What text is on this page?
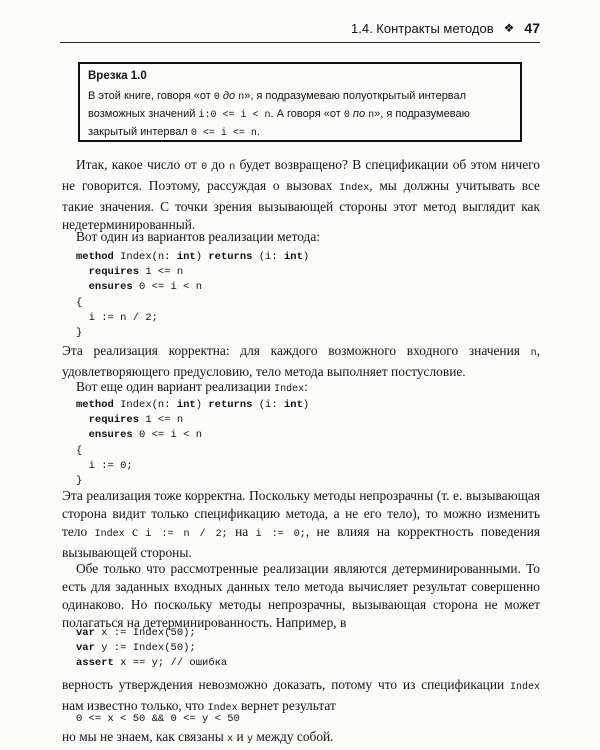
1.4. Контракты методов ❖ 47
Врезка 1.0
В этой книге, говоря «от 0 до n», я подразумеваю полуоткрытый интервал
возможных значений i:0 <= i < n. А говоря «от 0 по n», я подразумеваю
закрытый интервал 0 <= i <= n.
Итак, какое число от 0 до n будет возвращено? В спецификации об этом ничего не говорится. Поэтому, рассуждая о вызовах Index, мы должны учитывать все такие значения. С точки зрения вызывающей стороны этот метод выглядит как недетерминированный.
Вот один из вариантов реализации метода:
method Index(n: int) returns (i: int)
requires 1 <= n
ensures 0 <= i < n
{
i := n / 2;
}
Эта реализация корректна: для каждого возможного входного значения n, удовлетворяющего предусловию, тело метода выполняет постусловие.
Вот еще один вариант реализации Index:
method Index(n: int) returns (i: int)
requires 1 <= n
ensures 0 <= i < n
{
i := 0;
}
Эта реализация тоже корректна. Поскольку методы непрозрачны (т. е. вызывающая сторона видит только спецификацию метода, а не его тело), то можно изменить тело Index с i := n / 2; на i := 0;, не влияя на корректность поведения вызывающей стороны.
Обе только что рассмотренные реализации являются детерминированными. То есть для заданных входных данных тело метода вычисляет результат совершенно одинаково. Но поскольку методы непрозрачны, вызывающая сторона не может полагаться на детерминированность. Например, в
var x := Index(50);
var y := Index(50);
assert x == y; // ошибка
верность утверждения невозможно доказать, потому что из спецификации Index нам известно только, что Index вернет результат
0 <= x < 50 && 0 <= y < 50
но мы не знаем, как связаны x и y между собой.
